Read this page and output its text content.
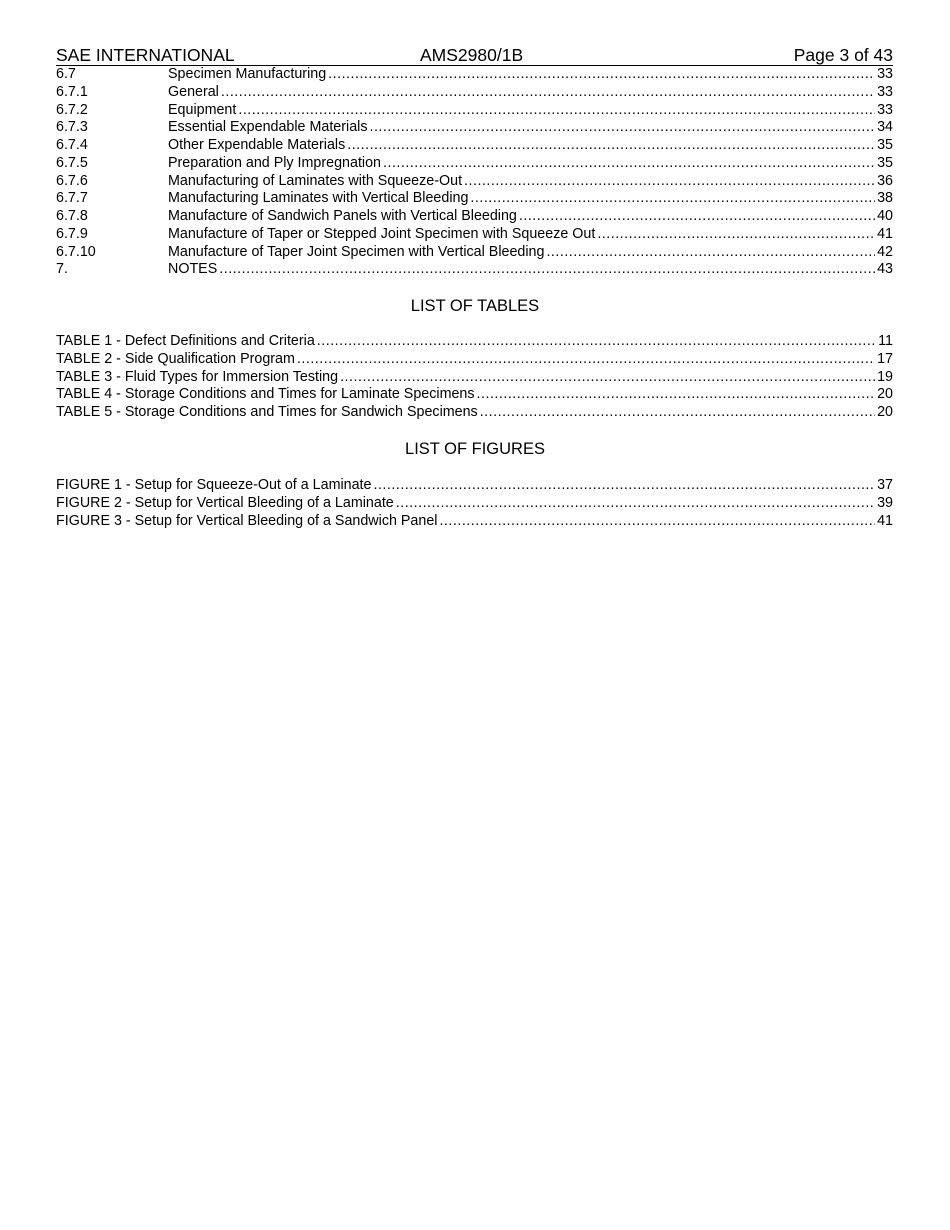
SAE INTERNATIONAL	AMS2980/1B	Page 3 of 43
6.7	Specimen Manufacturing .....	33
6.7.1	General .....	33
6.7.2	Equipment .....	33
6.7.3	Essential Expendable Materials .....	34
6.7.4	Other Expendable Materials .....	35
6.7.5	Preparation and Ply Impregnation .....	35
6.7.6	Manufacturing of Laminates with Squeeze-Out .....	36
6.7.7	Manufacturing Laminates with Vertical Bleeding .....	38
6.7.8	Manufacture of Sandwich Panels with Vertical Bleeding .....	40
6.7.9	Manufacture of Taper or Stepped Joint Specimen with Squeeze Out .....	41
6.7.10	Manufacture of Taper Joint Specimen with Vertical Bleeding .....	42
7.	NOTES .....	43
LIST OF TABLES
TABLE 1 - Defect Definitions and Criteria .....	11
TABLE 2 - Side Qualification Program .....	17
TABLE 3 - Fluid Types for Immersion Testing .....	19
TABLE 4 - Storage Conditions and Times for Laminate Specimens .....	20
TABLE 5 - Storage Conditions and Times for Sandwich Specimens .....	20
LIST OF FIGURES
FIGURE 1 - Setup for Squeeze-Out of a Laminate .....	37
FIGURE 2 - Setup for Vertical Bleeding of a Laminate .....	39
FIGURE 3 - Setup for Vertical Bleeding of a Sandwich Panel .....	41
